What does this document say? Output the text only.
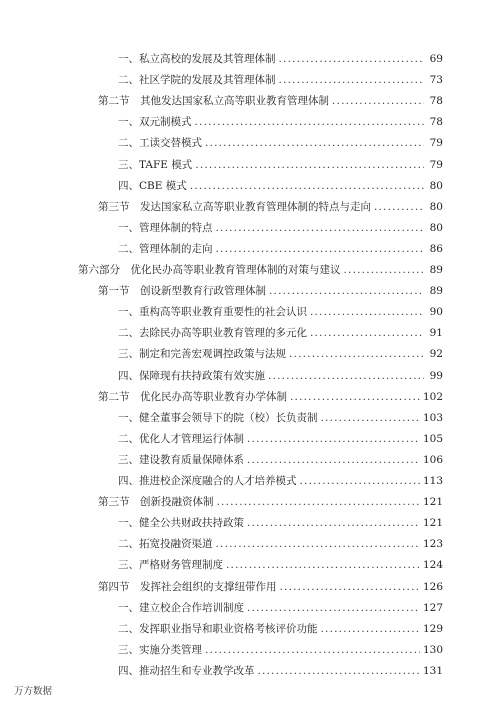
一、私立高校的发展及其管理体制 .....	69
二、社区学院的发展及其管理体制 .....	73
第二节　其他发达国家私立高等职业教育管理体制 .....	78
一、双元制模式 .....	78
二、工读交替模式 .....	79
三、TAFE 模式 .....	79
四、CBE 模式 .....	80
第三节　发达国家私立高等职业教育管理体制的特点与走向 .....	80
一、管理体制的特点 .....	80
二、管理体制的走向 .....	86
第六部分　优化民办高等职业教育管理体制的对策与建议 .....	89
第一节　创设新型教育行政管理体制 .....	89
一、重构高等职业教育重要性的社会认识 .....	90
二、去除民办高等职业教育管理的多元化 .....	91
三、制定和完善宏观调控政策与法规 .....	92
四、保障现有扶持政策有效实施 .....	99
第二节　优化民办高等职业教育办学体制 .....	102
一、健全董事会领导下的院（校）长负责制 .....	103
二、优化人才管理运行体制 .....	105
三、建设教育质量保障体系 .....	106
四、推进校企深度融合的人才培养模式 .....	113
第三节　创新投融资体制 .....	121
一、健全公共财政扶持政策 .....	121
二、拓宽投融资渠道 .....	123
三、严格财务管理制度 .....	124
第四节　发挥社会组织的支撑纽带作用 .....	126
一、建立校企合作培训制度 .....	127
二、发挥职业指导和职业资格考核评价功能 .....	129
三、实施分类管理 .....	130
四、推动招生和专业教学改革 .....	131
万方数据
